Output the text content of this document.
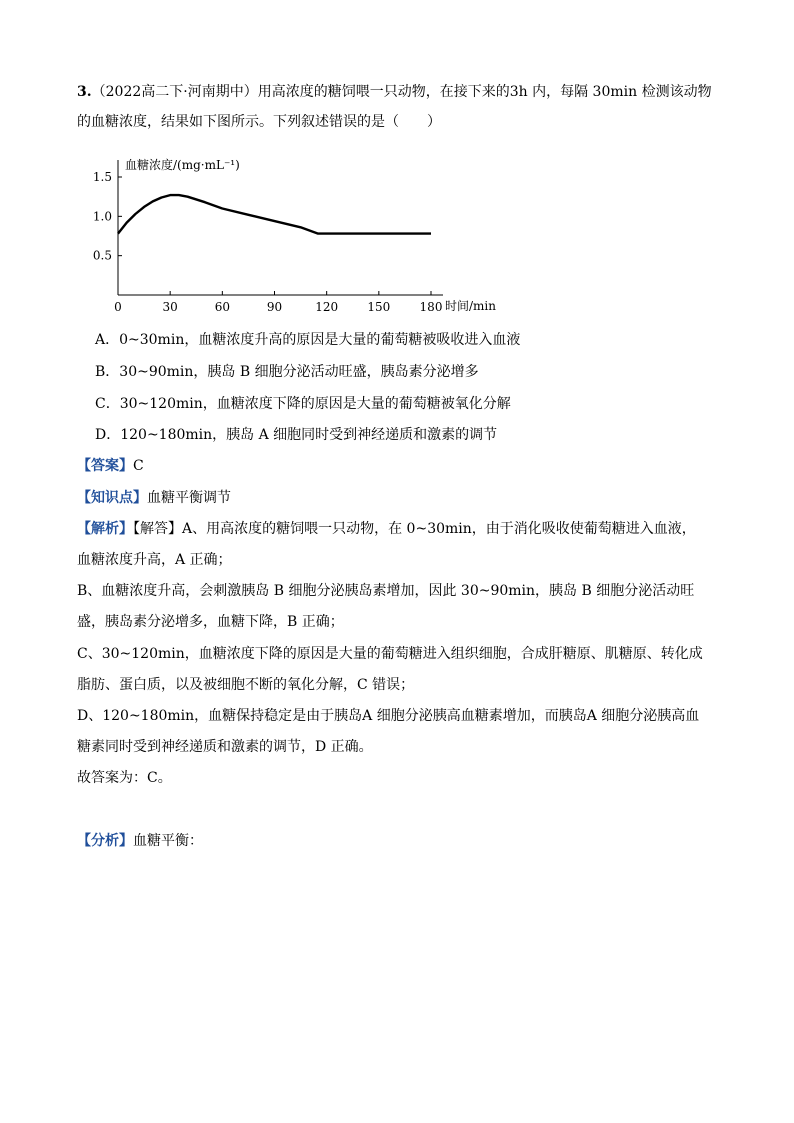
3.（2022高二下·河南期中）用高浓度的糖饲喂一只动物，在接下来的3h 内，每隔 30min 检测该动物
的血糖浓度，结果如下图所示。下列叙述错误的是（　　）
血糖浓度/(mg·mL⁻¹)
时间/min
0	30	60	90	120 150 180
0.5
1.0
1.5
A．0~30min，血糖浓度升高的原因是大量的葡萄糖被吸收进入血液
B．30~90min，胰岛 B 细胞分泌活动旺盛，胰岛素分泌增多
C．30~120min，血糖浓度下降的原因是大量的葡萄糖被氧化分解
D．120~180min，胰岛 A 细胞同时受到神经递质和激素的调节
【答案】C
【知识点】血糖平衡调节
【解析】【解答】A、用高浓度的糖饲喂一只动物，在 0~30min，由于消化吸收使葡萄糖进入血液，
血糖浓度升高，A 正确；
B、血糖浓度升高，会刺激胰岛 B 细胞分泌胰岛素增加，因此 30~90min，胰岛 B 细胞分泌活动旺
盛，胰岛素分泌增多，血糖下降，B 正确；
C、30~120min，血糖浓度下降的原因是大量的葡萄糖进入组织细胞，合成肝糖原、肌糖原、转化成
脂肪、蛋白质，以及被细胞不断的氧化分解，C 错误；
D、120~180min，血糖保持稳定是由于胰岛A 细胞分泌胰高血糖素增加，而胰岛A 细胞分泌胰高血
糖素同时受到神经递质和激素的调节，D 正确。
故答案为：C。
【分析】血糖平衡：
